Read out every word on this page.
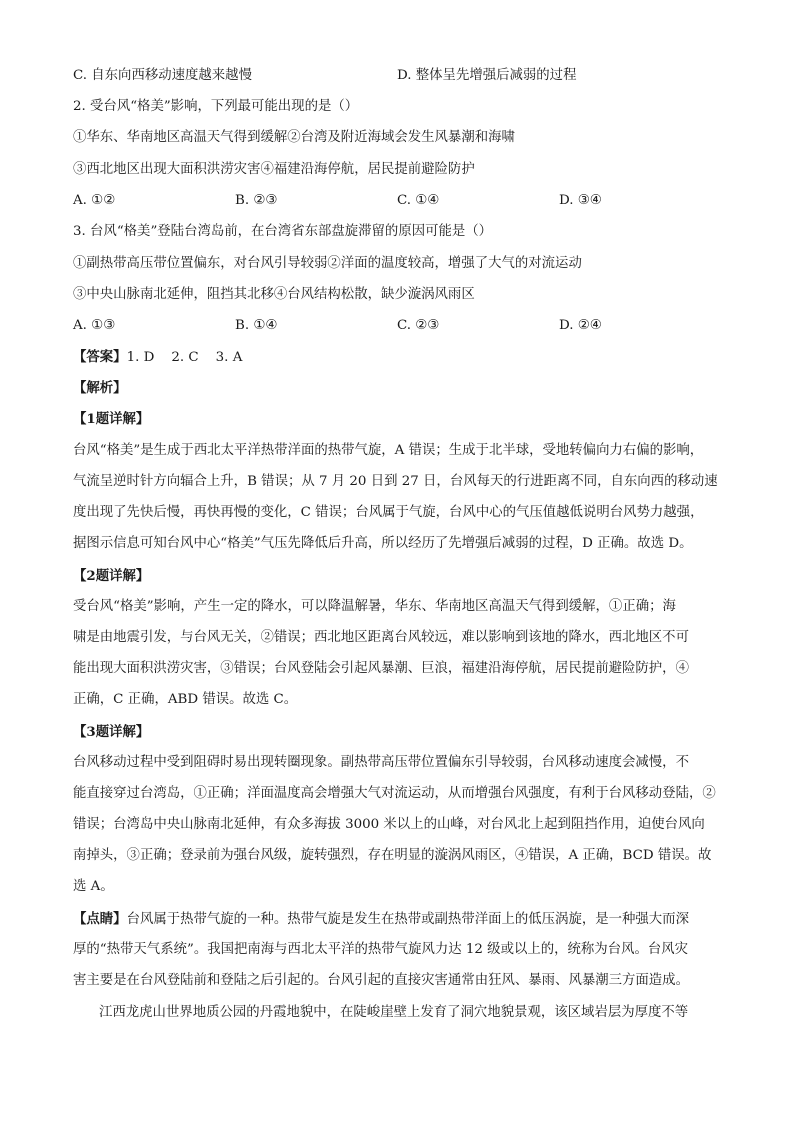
C. 自东向西移动速度越来越慢	D. 整体呈先增强后减弱的过程
2. 受台风“格美”影响，下列最可能出现的是（）
①华东、华南地区高温天气得到缓解②台湾及附近海域会发生风暴潮和海啸
③西北地区出现大面积洪涝灾害④福建沿海停航，居民提前避险防护
A. ①②	B. ②③	C. ①④	D. ③④
3. 台风“格美”登陆台湾岛前，在台湾省东部盘旋滞留的原因可能是（）
①副热带高压带位置偏东，对台风引导较弱②洋面的温度较高，增强了大气的对流运动
③中央山脉南北延伸，阻挡其北移④台风结构松散，缺少漩涡风雨区
A. ①③	B. ①④	C. ②③	D. ②④
【答案】1. D    2. C    3. A
【解析】
【1题详解】
台风“格美”是生成于西北太平洋热带洋面的热带气旋，A 错误；生成于北半球，受地转偏向力右偏的影响，
气流呈逆时针方向辐合上升，B 错误；从 7 月 20 日到 27 日，台风每天的行进距离不同，自东向西的移动速
度出现了先快后慢，再快再慢的变化，C 错误；台风属于气旋，台风中心的气压值越低说明台风势力越强，
据图示信息可知台风中心“格美”气压先降低后升高，所以经历了先增强后减弱的过程，D 正确。故选 D。
【2题详解】
受台风“格美”影响，产生一定的降水，可以降温解暑，华东、华南地区高温天气得到缓解，①正确；海
啸是由地震引发，与台风无关，②错误；西北地区距离台风较远，难以影响到该地的降水，西北地区不可
能出现大面积洪涝灾害，③错误；台风登陆会引起风暴潮、巨浪，福建沿海停航，居民提前避险防护，④
正确，C 正确，ABD 错误。故选 C。
【3题详解】
台风移动过程中受到阻碍时易出现转圈现象。副热带高压带位置偏东引导较弱，台风移动速度会减慢，不
能直接穿过台湾岛，①正确；洋面温度高会增强大气对流运动，从而增强台风强度，有利于台风移动登陆，②
错误；台湾岛中央山脉南北延伸，有众多海拔 3000 米以上的山峰，对台风北上起到阻挡作用，迫使台风向
南掉头，③正确；登录前为强台风级，旋转强烈，存在明显的漩涡风雨区，④错误，A 正确，BCD 错误。故
选 A。
【点睛】台风属于热带气旋的一种。热带气旋是发生在热带或副热带洋面上的低压涡旋，是一种强大而深
厚的“热带天气系统”。我国把南海与西北太平洋的热带气旋风力达 12 级或以上的，统称为台风。台风灾
害主要是在台风登陆前和登陆之后引起的。台风引起的直接灾害通常由狂风、暴雨、风暴潮三方面造成。
江西龙虎山世界地质公园的丹霞地貌中，在陡峻崖壁上发育了洞穴地貌景观，该区域岩层为厚度不等
